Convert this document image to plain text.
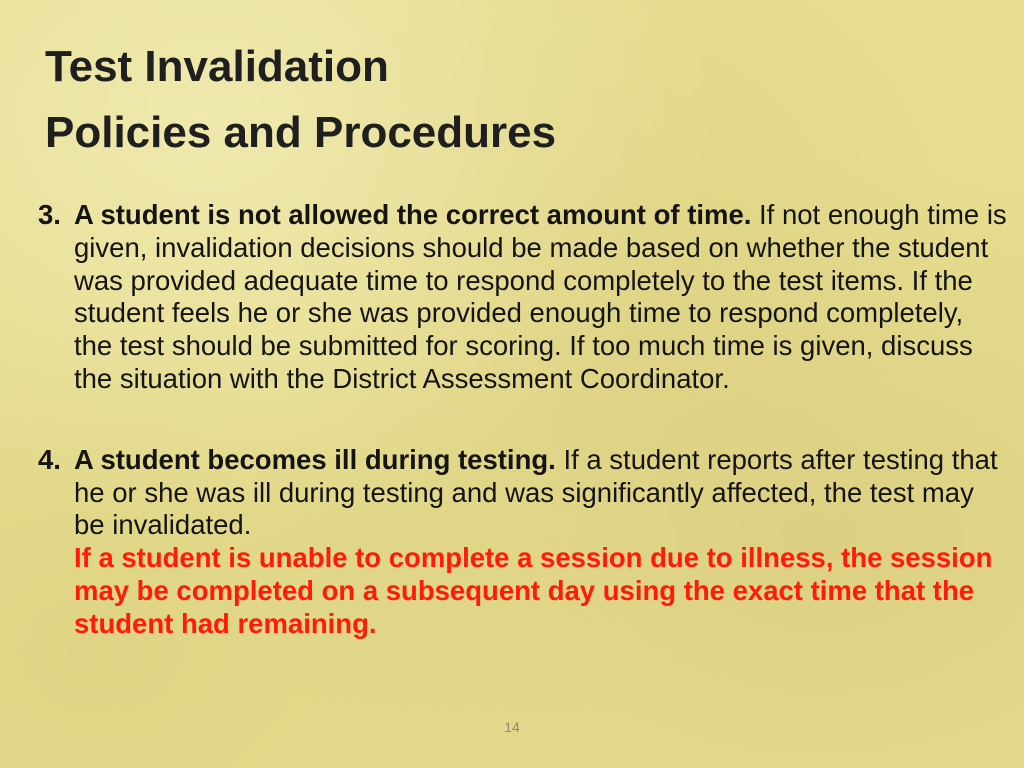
Test Invalidation
Policies and Procedures
3. A student is not allowed the correct amount of time. If not enough time is given, invalidation decisions should be made based on whether the student was provided adequate time to respond completely to the test items. If the student feels he or she was provided enough time to respond completely, the test should be submitted for scoring. If too much time is given, discuss the situation with the District Assessment Coordinator.
4. A student becomes ill during testing. If a student reports after testing that he or she was ill during testing and was significantly affected, the test may be invalidated.
If a student is unable to complete a session due to illness, the session may be completed on a subsequent day using the exact time that the student had remaining.
14
